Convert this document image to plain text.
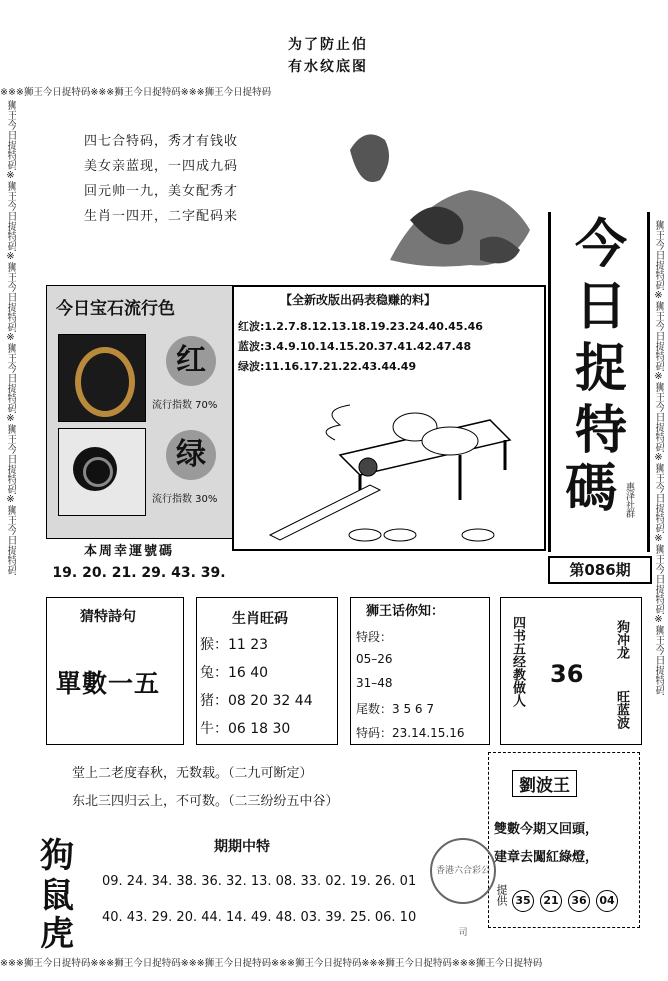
为了防止伯
有水纹底图
※※※狮王今日捉特码※※※狮王今日捉特码※※※狮王今日捉特码
狮王今日捉特码※狮王今日捉特码※狮王今日捉特码※狮王今日捉特码※狮王今日捉特码※狮王今日捉特码	狮王今日捉特码※狮王今日捉特码※狮王今日捉特码※狮王今日捉特码※狮王今日捉特码※狮王今日捉特码
※※※狮王今日捉特码※※※狮王今日捉特码※※※狮王今日捉特码※※※狮王今日捉特码※※※狮王今日捉特码※※※狮王今日捉特码
四七合特码，秀才有钱收
美女亲蓝现，一四成九码
回元帅一九，美女配秀才
生肖一四开，二字配码来	今
日
捉
特
碼 惠泽社群
第086期
今日宝石流行色
红
流行指数 70%
绿
流行指数 30%
本周幸運號碼
19. 20. 21. 29. 43. 39.
【全新改版出码表稳赚的料】
红波:1.2.7.8.12.13.18.19.23.24.40.45.46
蓝波:3.4.9.10.14.15.20.37.41.42.47.48
绿波:11.16.17.21.22.43.44.49
猜特詩句
單數一五
生肖旺码
猴：11 23
兔：16 40
猪：08 20 32 44
牛：06 18 30
狮王话你知：
特段：
05–26
31–48
尾数：3 5 6 7
特码：23.14.15.16
四书五经教做人 36
狗冲龙
旺蓝波
堂上二老度春秋，无数载。（二九可断定）
东北三四归云上，不可数。（二三纷纷五中谷）
劉波王
雙數今期又回頭，
建章去闖紅綠燈，
香港六合彩公司
提供 35	21	36	04
狗
鼠
虎
期期中特
09. 24. 34. 38. 36. 32. 13. 08. 33. 02. 19. 26. 01
40. 43. 29. 20. 44. 14. 49. 48. 03. 39. 25. 06. 10
